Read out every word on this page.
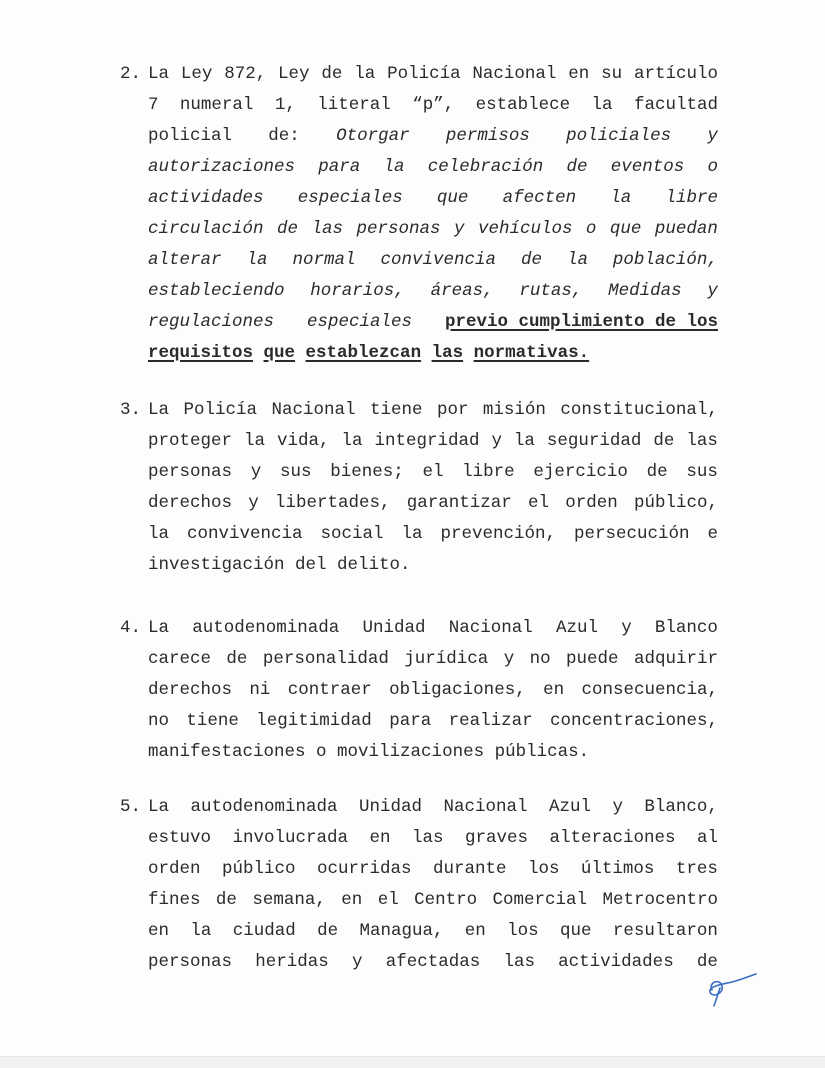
2. La Ley 872, Ley de la Policía Nacional en su artículo
7 numeral 1, literal “p”, establece la facultad
policial de: Otorgar permisos policiales y
autorizaciones para la celebración de eventos o
actividades especiales que afecten la libre
circulación de las personas y vehículos o que puedan
alterar la normal convivencia de la población,
estableciendo horarios, áreas, rutas, Medidas y
regulaciones especiales previo cumplimiento de los
requisitos que establezcan las normativas.
3. La Policía Nacional tiene por misión constitucional,
proteger la vida, la integridad y la seguridad de las
personas y sus bienes; el libre ejercicio de sus
derechos y libertades, garantizar el orden público,
la convivencia social la prevención, persecución e
investigación del delito.
4. La autodenominada Unidad Nacional Azul y Blanco
carece de personalidad jurídica y no puede adquirir
derechos ni contraer obligaciones, en consecuencia,
no tiene legitimidad para realizar concentraciones,
manifestaciones o movilizaciones públicas.
5. La autodenominada Unidad Nacional Azul y Blanco,
estuvo involucrada en las graves alteraciones al
orden público ocurridas durante los últimos tres
fines de semana, en el Centro Comercial Metrocentro
en la ciudad de Managua, en los que resultaron
personas heridas y afectadas las actividades de
